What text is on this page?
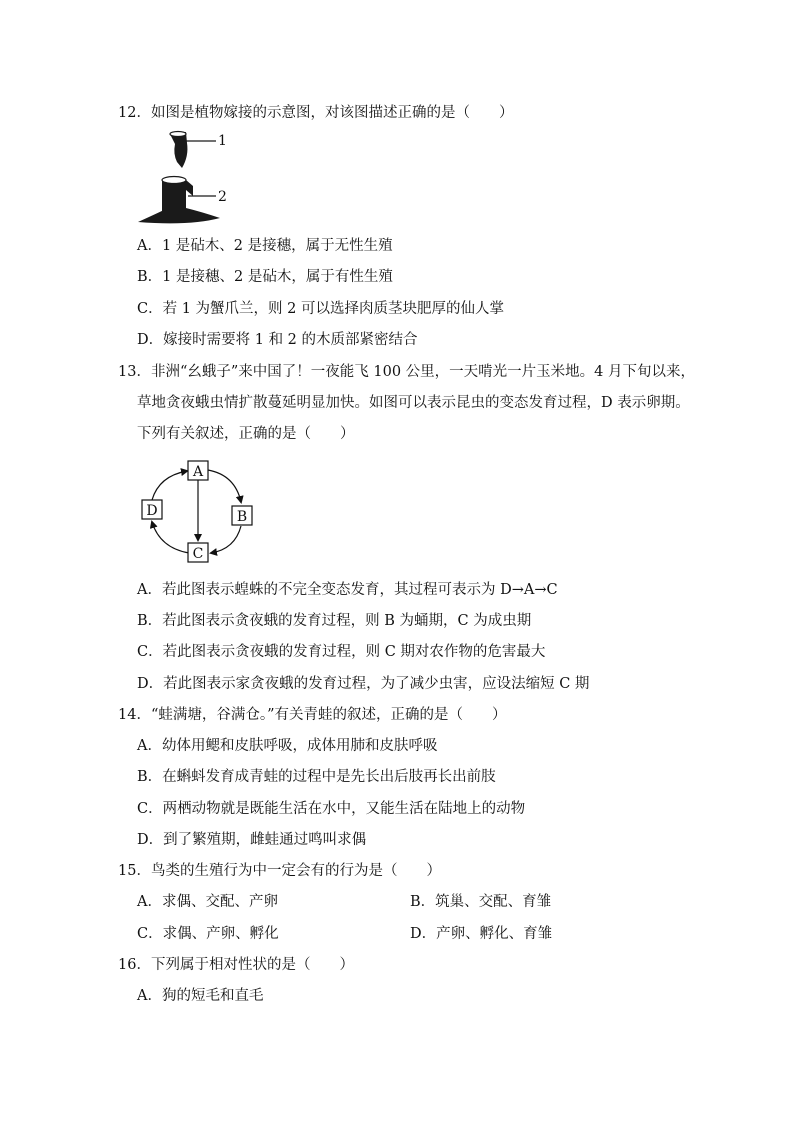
12．如图是植物嫁接的示意图，对该图描述正确的是（　　）
1
2
A．1 是砧木、2 是接穗，属于无性生殖
B．1 是接穗、2 是砧木，属于有性生殖
C．若 1 为蟹爪兰，则 2 可以选择肉质茎块肥厚的仙人掌
D．嫁接时需要将 1 和 2 的木质部紧密结合
13．非洲“幺蛾子”来中国了！一夜能飞 100 公里，一天啃光一片玉米地。4 月下旬以来，
草地贪夜蛾虫情扩散蔓延明显加快。如图可以表示昆虫的变态发育过程，D 表示卵期。
下列有关叙述，正确的是（　　）
A
B
C
D
A．若此图表示蝗蛛的不完全变态发育，其过程可表示为 D→A→C
B．若此图表示贪夜蛾的发育过程，则 B 为蛹期，C 为成虫期
C．若此图表示贪夜蛾的发育过程，则 C 期对农作物的危害最大
D．若此图表示家贪夜蛾的发育过程，为了减少虫害，应设法缩短 C 期
14．“蛙满塘，谷满仓。”有关青蛙的叙述，正确的是（　　）
A．幼体用鳃和皮肤呼吸，成体用肺和皮肤呼吸
B．在蝌蚪发育成青蛙的过程中是先长出后肢再长出前肢
C．两栖动物就是既能生活在水中，又能生活在陆地上的动物
D．到了繁殖期，雌蛙通过鸣叫求偶
15．鸟类的生殖行为中一定会有的行为是（　　）
A．求偶、交配、产卵	B．筑巢、交配、育雏
C．求偶、产卵、孵化	D．产卵、孵化、育雏
16．下列属于相对性状的是（　　）
A．狗的短毛和直毛
